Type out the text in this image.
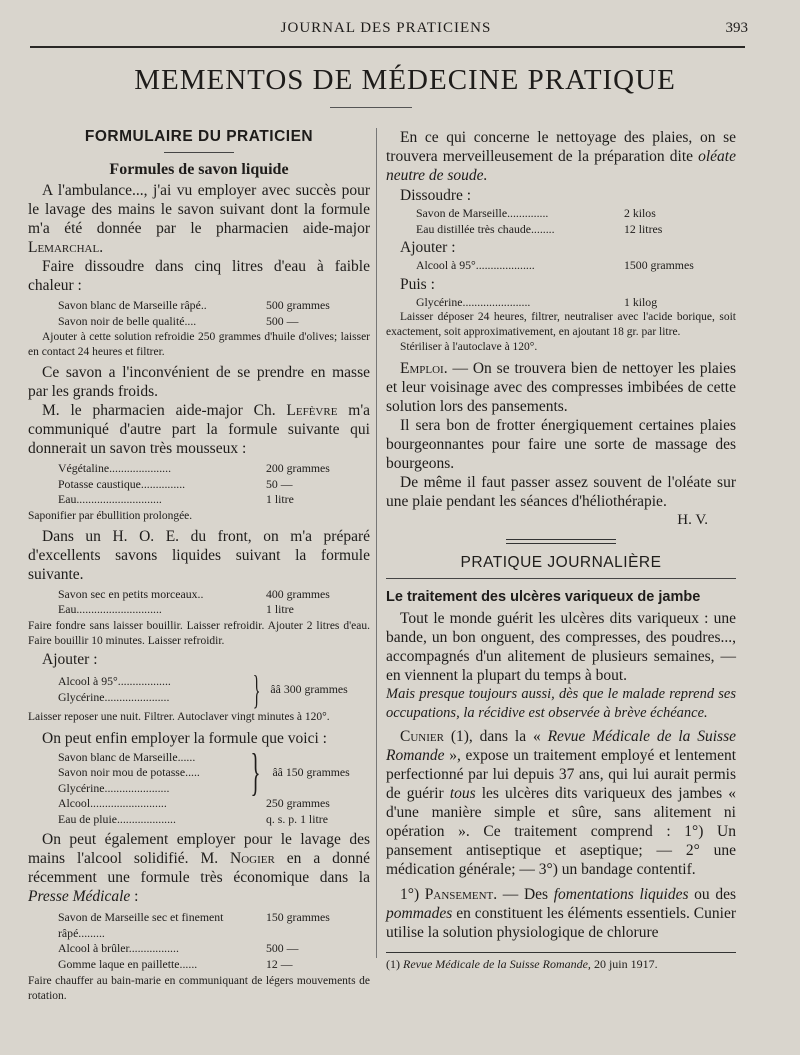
JOURNAL DES PRATICIENS	393
MEMENTOS DE MÉDECINE PRATIQUE
FORMULAIRE DU PRATICIEN
Formules de savon liquide

A l'ambulance..., j'ai vu employer avec succès pour le lavage des mains le savon suivant dont la formule m'a été donnée par le pharmacien aide-major Lemarchal.

Faire dissoudre dans cinq litres d'eau à faible chaleur :

Savon blanc de Marseille râpé..	500 grammes
Savon noir de belle qualité....	500 —

Ajouter à cette solution refroidie 250 grammes d'huile d'olives; laisser en contact 24 heures et filtrer.

Ce savon a l'inconvénient de se prendre en masse par les grands froids.

M. le pharmacien aide-major Ch. Lefèvre m'a communiqué d'autre part la formule suivante qui donnerait un savon très mousseux :

Végétaline.....................	200 grammes
Potasse caustique...............	50 —
Eau.............................	1 litre

Saponifier par ébullition prolongée.

Dans un H. O. E. du front, on m'a préparé d'excellents savons liquides suivant la formule suivante.

Savon sec en petits morceaux..	400 grammes
Eau.............................	1 litre

Faire fondre sans laisser bouillir. Laisser refroidir. Ajouter 2 litres d'eau. Faire bouillir 10 minutes. Laisser refroidir.

Ajouter :
Alcool à 95°..................
Glycérine......................	} ââ 300 grammes

Laisser reposer une nuit. Filtrer. Autoclaver vingt minutes à 120°.

On peut enfin employer la formule que voici :

Savon blanc de Marseille......
Savon noir mou de potasse.....
Glycérine......................	} ââ 150 grammes
Alcool..........................	250 grammes
Eau de pluie....................	q. s. p. 1 litre

On peut également employer pour le lavage des mains l'alcool solidifié. M. Nogier en a donné récemment une formule très économique dans la Presse Médicale :

Savon de Marseille sec et finement râpé.........
150 grammes
Alcool à brûler.................	500 —
Gomme laque en paillette......	12 —

Faire chauffer au bain-marie en communiquant de légers mouvements de rotation.

En ce qui concerne le nettoyage des plaies, on se trouvera merveilleusement de la préparation dite oléate neutre de soude.

Dissoudre :
Savon de Marseille..............	2 kilos
Eau distillée très chaude........	12 litres
Ajouter :
Alcool à 95°....................	1500 grammes
Puis :
Glycérine.......................	1 kilog

Laisser déposer 24 heures, filtrer, neutraliser avec l'acide borique, soit exactement, soit approximativement, en ajoutant 18 gr. par litre.

Stériliser à l'autoclave à 120°.

Emploi. — On se trouvera bien de nettoyer les plaies et leur voisinage avec des compresses imbibées de cette solution lors des pansements.

Il sera bon de frotter énergiquement certaines plaies bourgeonnantes pour faire une sorte de massage des bourgeons.

De même il faut passer assez souvent de l'oléate sur une plaie pendant les séances d'héliothérapie.

H. V.
PRATIQUE JOURNALIÈRE
Le traitement des ulcères variqueux de jambe

Tout le monde guérit les ulcères dits variqueux : une bande, un bon onguent, des compresses, des poudres..., accompagnés d'un alitement de plusieurs semaines, — en viennent la plupart du temps à bout.

Mais presque toujours aussi, dès que le malade reprend ses occupations, la récidive est observée à brève échéance.

Cunier (1), dans la « Revue Médicale de la Suisse Romande », expose un traitement employé et lentement perfectionné par lui depuis 37 ans, qui lui aurait permis de guérir tous les ulcères dits variqueux des jambes « d'une manière simple et sûre, sans alitement ni opération ». Ce traitement comprend : 1°) Un pansement antiseptique et aseptique; — 2° une médication générale; — 3°) un bandage contentif.

1°) Pansement. — Des fomentations liquides ou des pommades en constituent les éléments essentiels. Cunier utilise la solution physiologique de chlorure

(1) Revue Médicale de la Suisse Romande, 20 juin 1917.
